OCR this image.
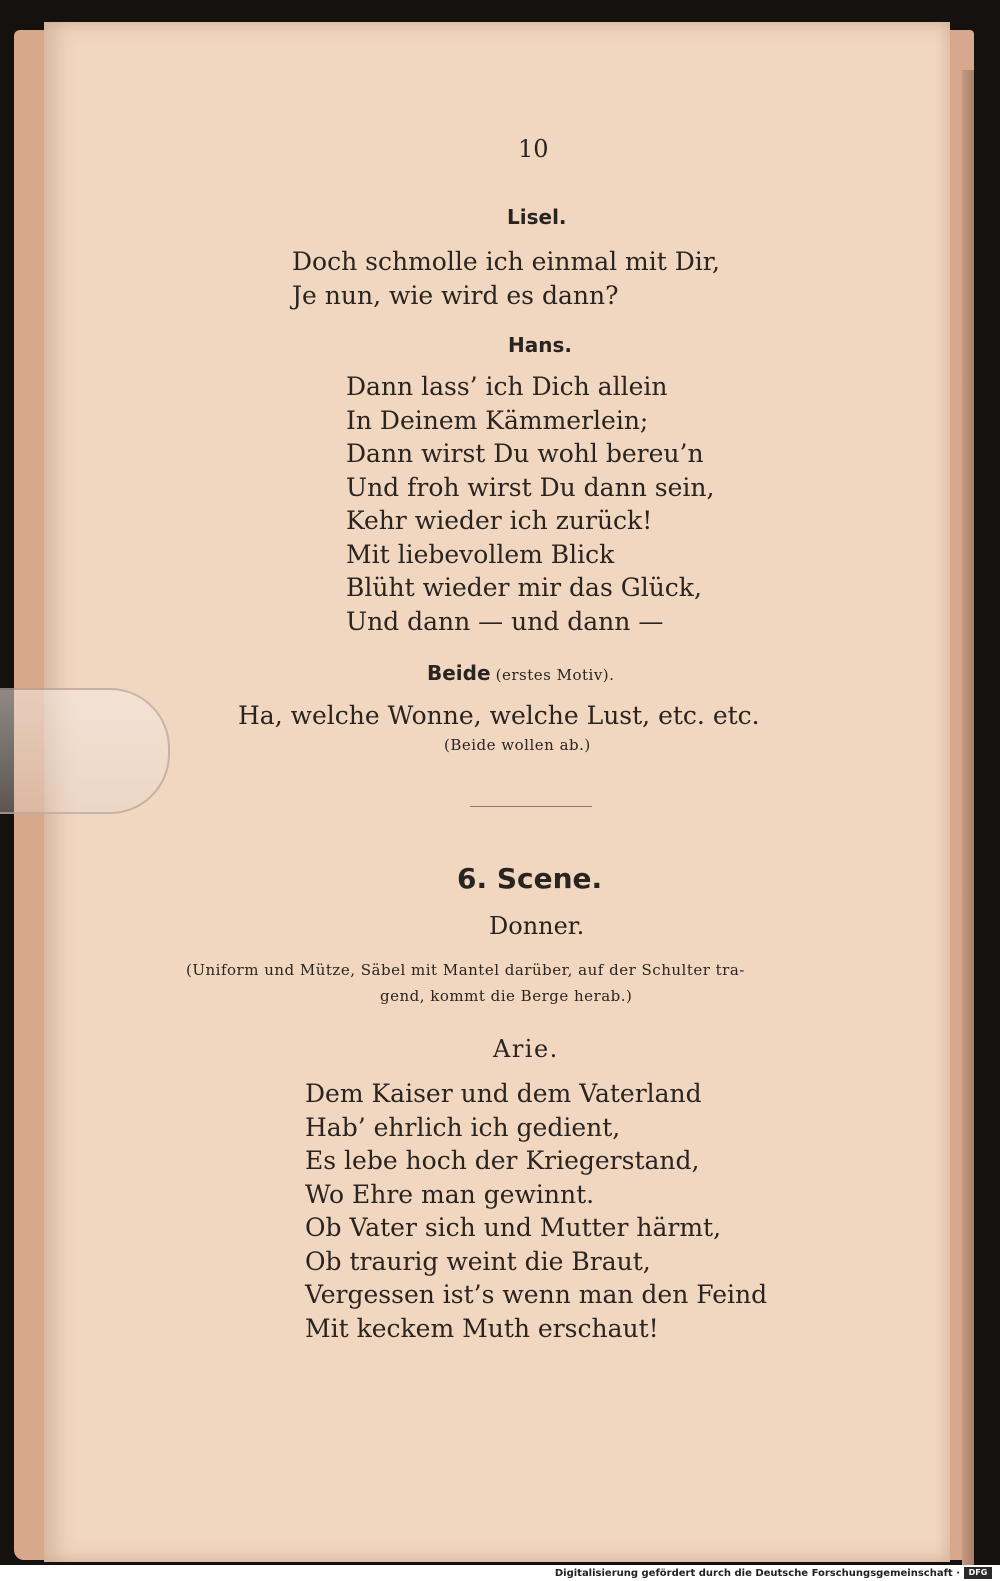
10
Lisel.
Doch schmolle ich einmal mit Dir,
Je nun, wie wird es dann?
Hans.
Dann lass’ ich Dich allein
In Deinem Kämmerlein;
Dann wirst Du wohl bereu’n
Und froh wirst Du dann sein,
Kehr wieder ich zurück!
Mit liebevollem Blick
Blüht wieder mir das Glück,
Und dann — und dann —
Beide (erstes Motiv).
Ha, welche Wonne, welche Lust, etc. etc.
(Beide wollen ab.)
6. Scene.
Donner.
(Uniform und Mütze, Säbel mit Mantel darüber, auf der Schulter tra-
gend, kommt die Berge herab.)
Arie.
Dem Kaiser und dem Vaterland
Hab’ ehrlich ich gedient,
Es lebe hoch der Kriegerstand,
Wo Ehre man gewinnt.
Ob Vater sich und Mutter härmt,
Ob traurig weint die Braut,
Vergessen ist’s wenn man den Feind
Mit keckem Muth erschaut!
Digitalisierung gefördert durch die Deutsche Forschungsgemeinschaft ·	DFG
